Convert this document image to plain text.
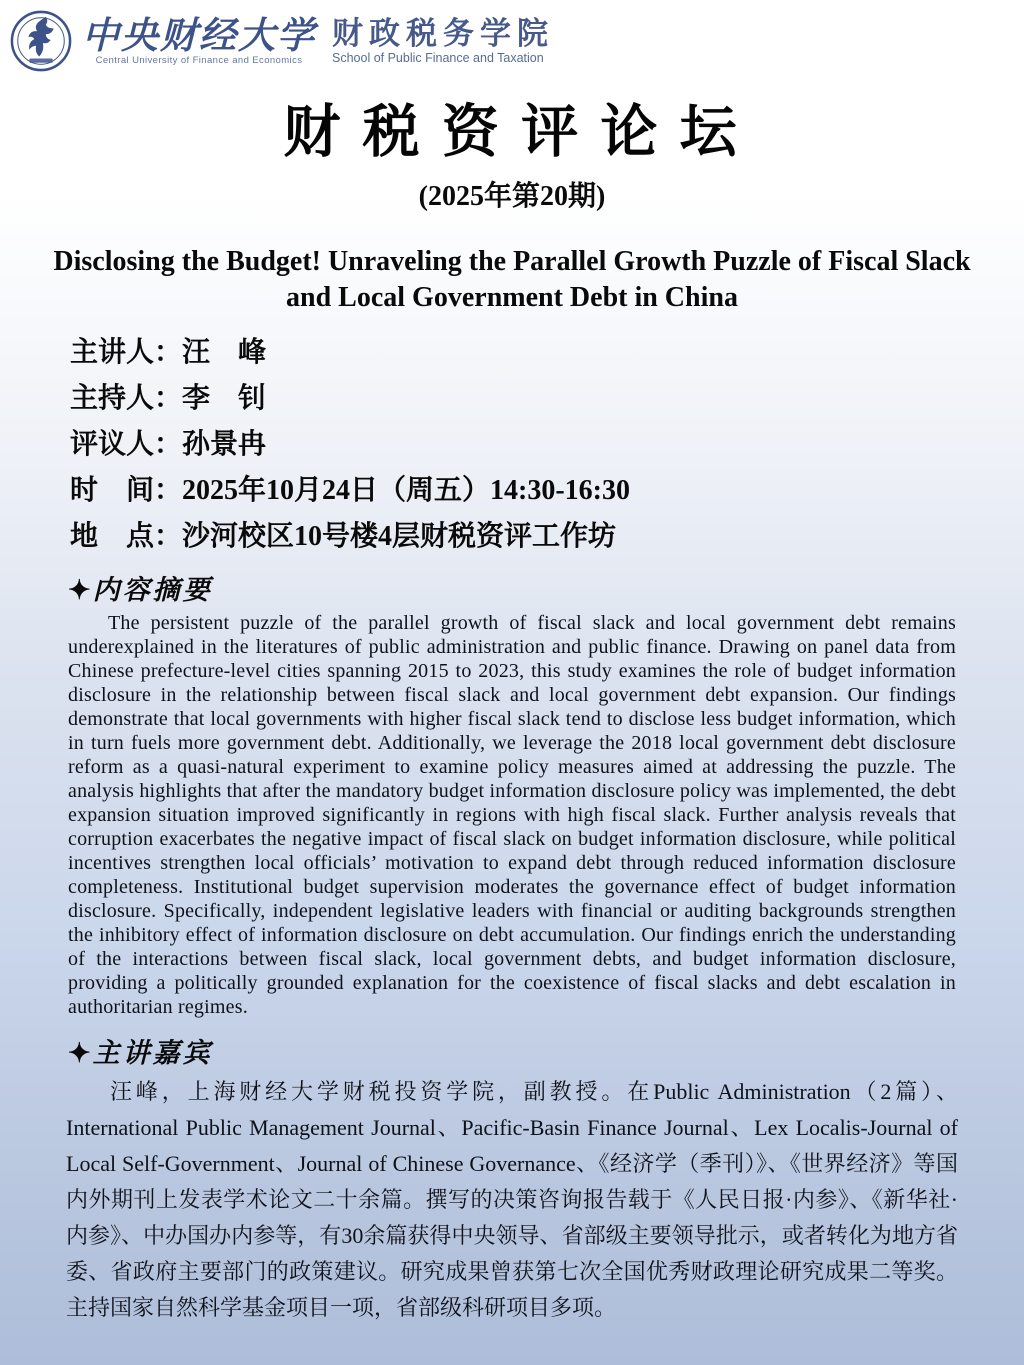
中央财经大学
Central University of Finance and Economics
财政税务学院
School of Public Finance and Taxation
财 税 资 评 论 坛
(2025年第20期)
Disclosing the Budget! Unraveling the Parallel Growth Puzzle of Fiscal Slack and Local Government Debt in China
主讲人：汪　峰
主持人：李　钊
评议人：孙景冉
时　间：2025年10月24日（周五）14:30-16:30
地　点：沙河校区10号楼4层财税资评工作坊
✦内容摘要
The persistent puzzle of the parallel growth of fiscal slack and local government debt remains underexplained in the literatures of public administration and public finance. Drawing on panel data from Chinese prefecture-level cities spanning 2015 to 2023, this study examines the role of budget information disclosure in the relationship between fiscal slack and local government debt expansion. Our findings demonstrate that local governments with higher fiscal slack tend to disclose less budget information, which in turn fuels more government debt. Additionally, we leverage the 2018 local government debt disclosure reform as a quasi-natural experiment to examine policy measures aimed at addressing the puzzle. The analysis highlights that after the mandatory budget information disclosure policy was implemented, the debt expansion situation improved significantly in regions with high fiscal slack. Further analysis reveals that corruption exacerbates the negative impact of fiscal slack on budget information disclosure, while political incentives strengthen local officials’ motivation to expand debt through reduced information disclosure completeness. Institutional budget supervision moderates the governance effect of budget information disclosure. Specifically, independent legislative leaders with financial or auditing backgrounds strengthen the inhibitory effect of information disclosure on debt accumulation. Our findings enrich the understanding of the interactions between fiscal slack, local government debts, and budget information disclosure, providing a politically grounded explanation for the coexistence of fiscal slacks and debt escalation in authoritarian regimes.
✦主讲嘉宾
汪峰，上海财经大学财税投资学院，副教授。在Public Administration（2篇）、International Public Management Journal、Pacific-Basin Finance Journal、Lex Localis-Journal of Local Self-Government、Journal of Chinese Governance、《经济学（季刊）》、《世界经济》等国内外期刊上发表学术论文二十余篇。撰写的决策咨询报告载于《人民日报·内参》、《新华社·内参》、中办国办内参等，有30余篇获得中央领导、省部级主要领导批示，或者转化为地方省委、省政府主要部门的政策建议。研究成果曾获第七次全国优秀财政理论研究成果二等奖。主持国家自然科学基金项目一项，省部级科研项目多项。
